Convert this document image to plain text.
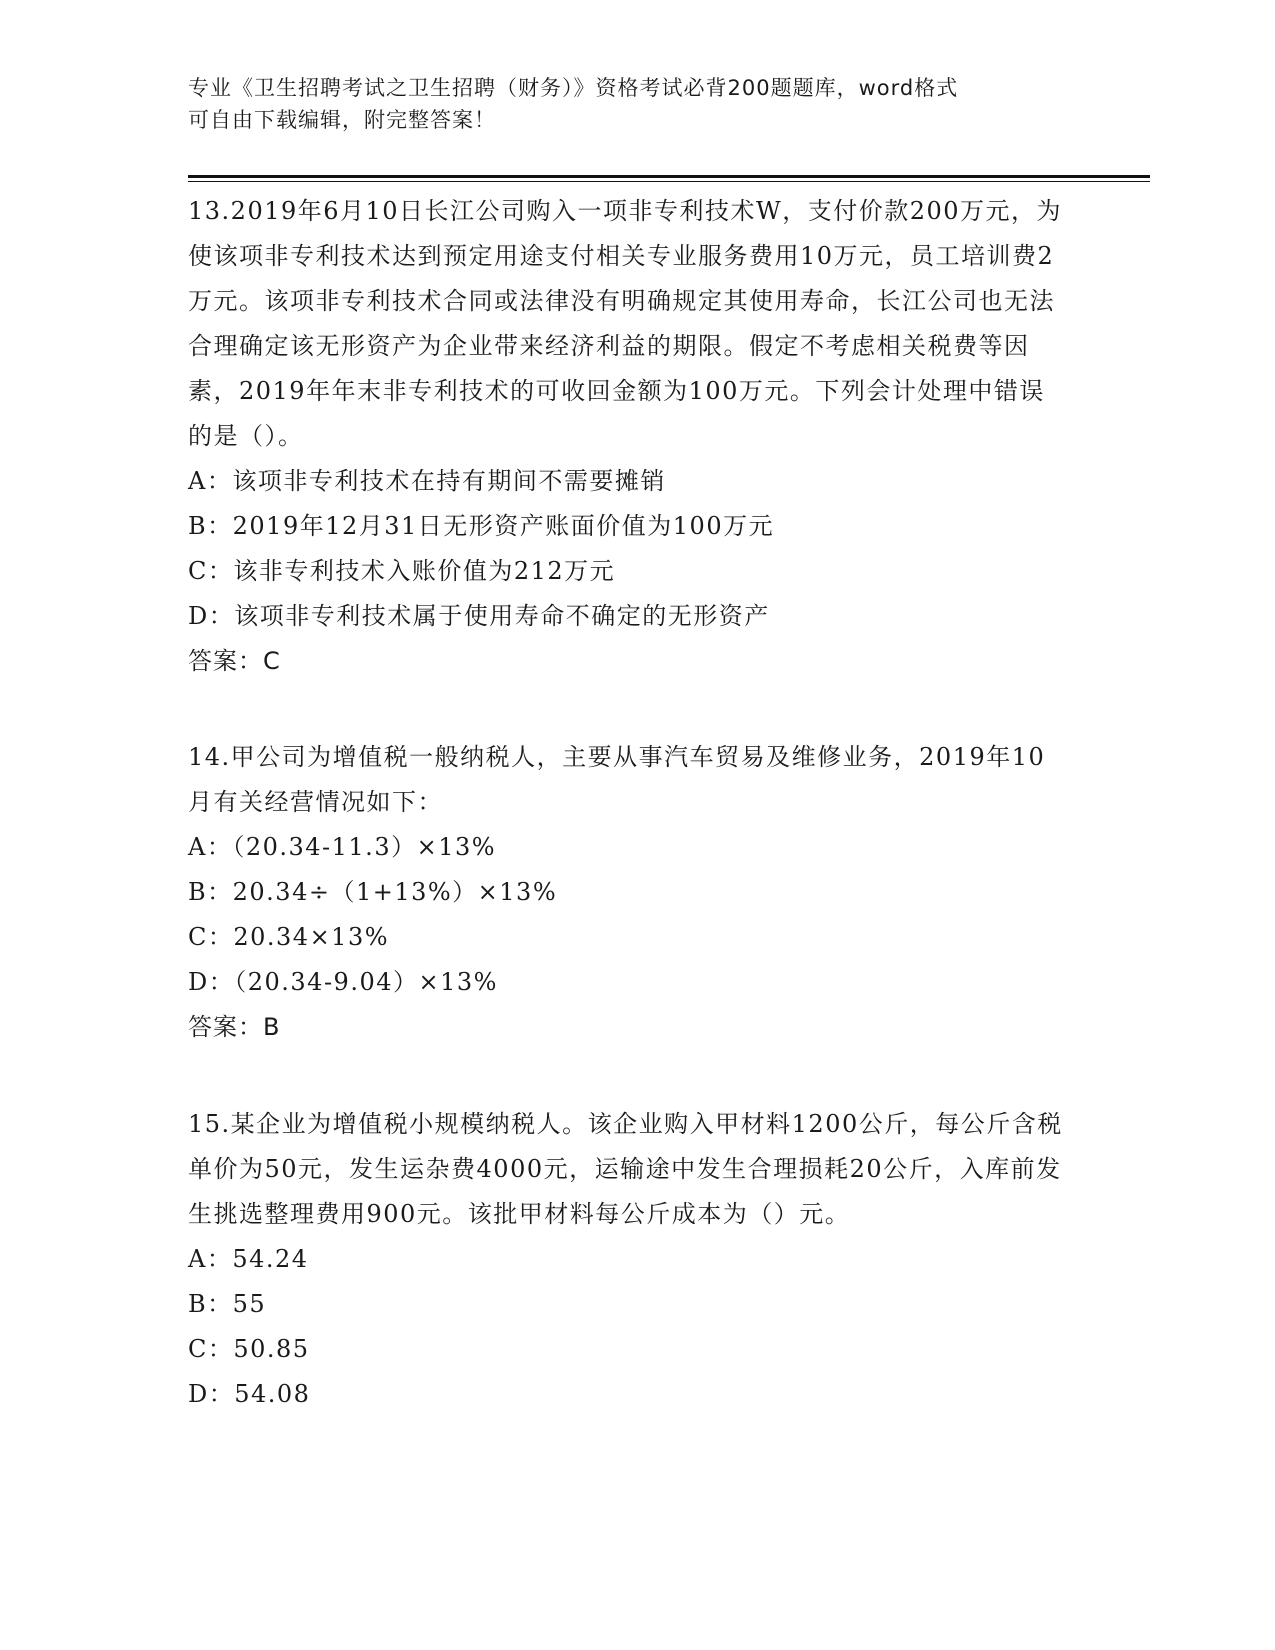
专业《卫生招聘考试之卫生招聘（财务）》资格考试必背200题题库，word格式

可自由下载编辑，附完整答案！

13.2019年6月10日长江公司购入一项非专利技术W，支付价款200万元，为使该项非专利技术达到预定用途支付相关专业服务费用10万元，员工培训费2万元。该项非专利技术合同或法律没有明确规定其使用寿命，长江公司也无法合理确定该无形资产为企业带来经济利益的期限。假定不考虑相关税费等因素，2019年年末非专利技术的可收回金额为100万元。下列会计处理中错误的是（）。

A：该项非专利技术在持有期间不需要摊销

B：2019年12月31日无形资产账面价值为100万元

C：该非专利技术入账价值为212万元

D：该项非专利技术属于使用寿命不确定的无形资产

答案：C

14.甲公司为增值税一般纳税人，主要从事汽车贸易及维修业务，2019年10月有关经营情况如下：

A：（20.34-11.3）×13%

B：20.34÷（1+13%）×13%

C：20.34×13%

D：（20.34-9.04）×13%

答案：B

15.某企业为增值税小规模纳税人。该企业购入甲材料1200公斤，每公斤含税单价为50元，发生运杂费4000元，运输途中发生合理损耗20公斤，入库前发生挑选整理费用900元。该批甲材料每公斤成本为（）元。

A：54.24

B：55

C：50.85

D：54.08
